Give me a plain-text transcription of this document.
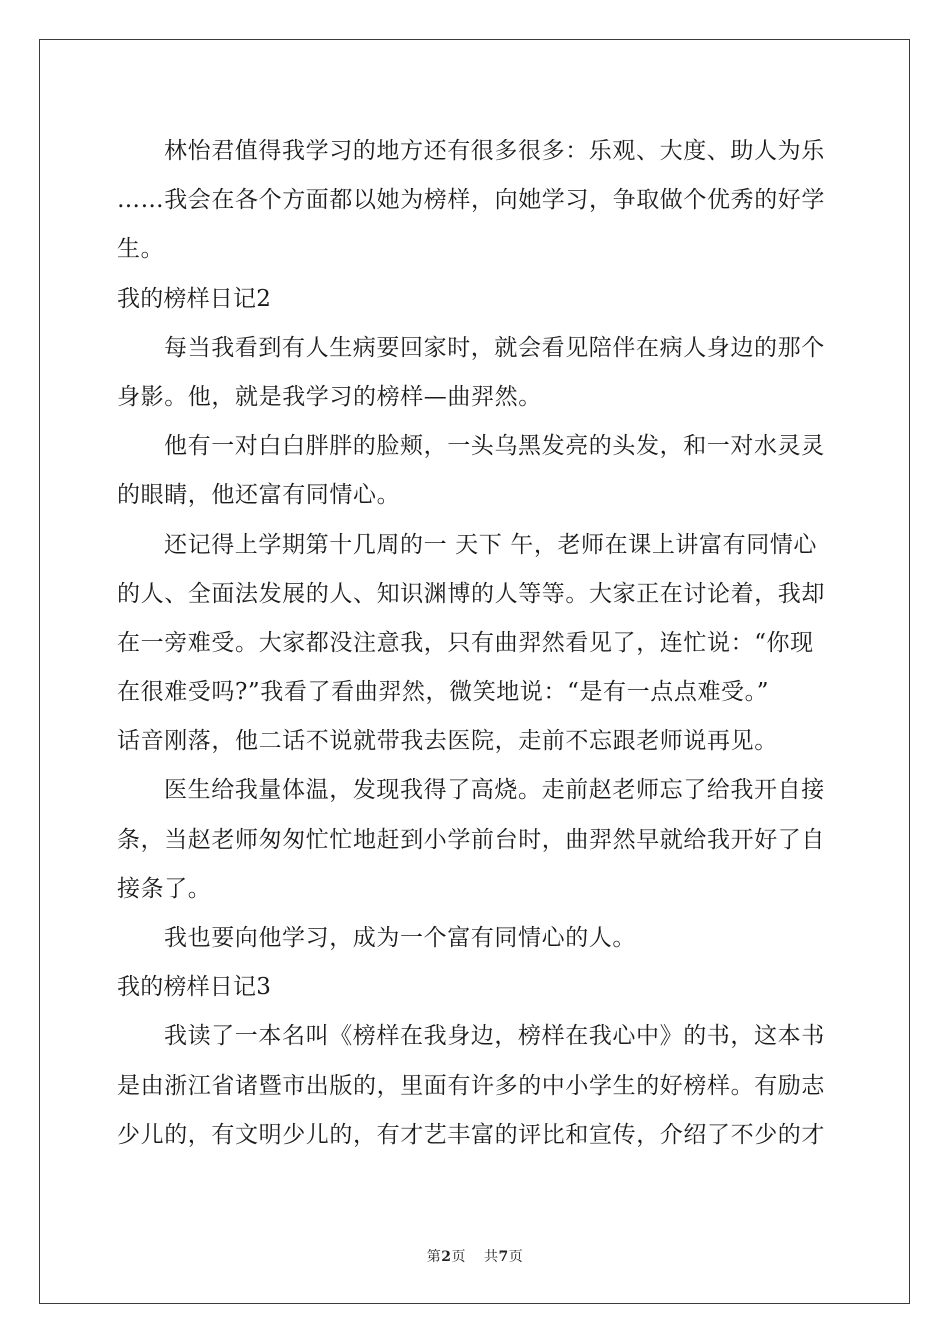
林怡君值得我学习的地方还有很多很多：乐观、大度、助人为乐
……我会在各个方面都以她为榜样，向她学习，争取做个优秀的好学
生。
我的榜样日记2
每当我看到有人生病要回家时，就会看见陪伴在病人身边的那个
身影。他，就是我学习的榜样—曲羿然。
他有一对白白胖胖的脸颊，一头乌黑发亮的头发，和一对水灵灵
的眼睛，他还富有同情心。
还记得上学期第十几周的一 天下 午，老师在课上讲富有同情心
的人、全面法发展的人、知识渊博的人等等。大家正在讨论着，我却
在一旁难受。大家都没注意我，只有曲羿然看见了，连忙说：“你现
在很难受吗?”我看了看曲羿然，微笑地说：“是有一点点难受。”
话音刚落，他二话不说就带我去医院，走前不忘跟老师说再见。
医生给我量体温，发现我得了高烧。走前赵老师忘了给我开自接
条，当赵老师匆匆忙忙地赶到小学前台时，曲羿然早就给我开好了自
接条了。
我也要向他学习，成为一个富有同情心的人。
我的榜样日记3
我读了一本名叫《榜样在我身边，榜样在我心中》的书，这本书
是由浙江省诸暨市出版的，里面有许多的中小学生的好榜样。有励志
少儿的，有文明少儿的，有才艺丰富的评比和宣传，介绍了不少的才
第2页 共7页
